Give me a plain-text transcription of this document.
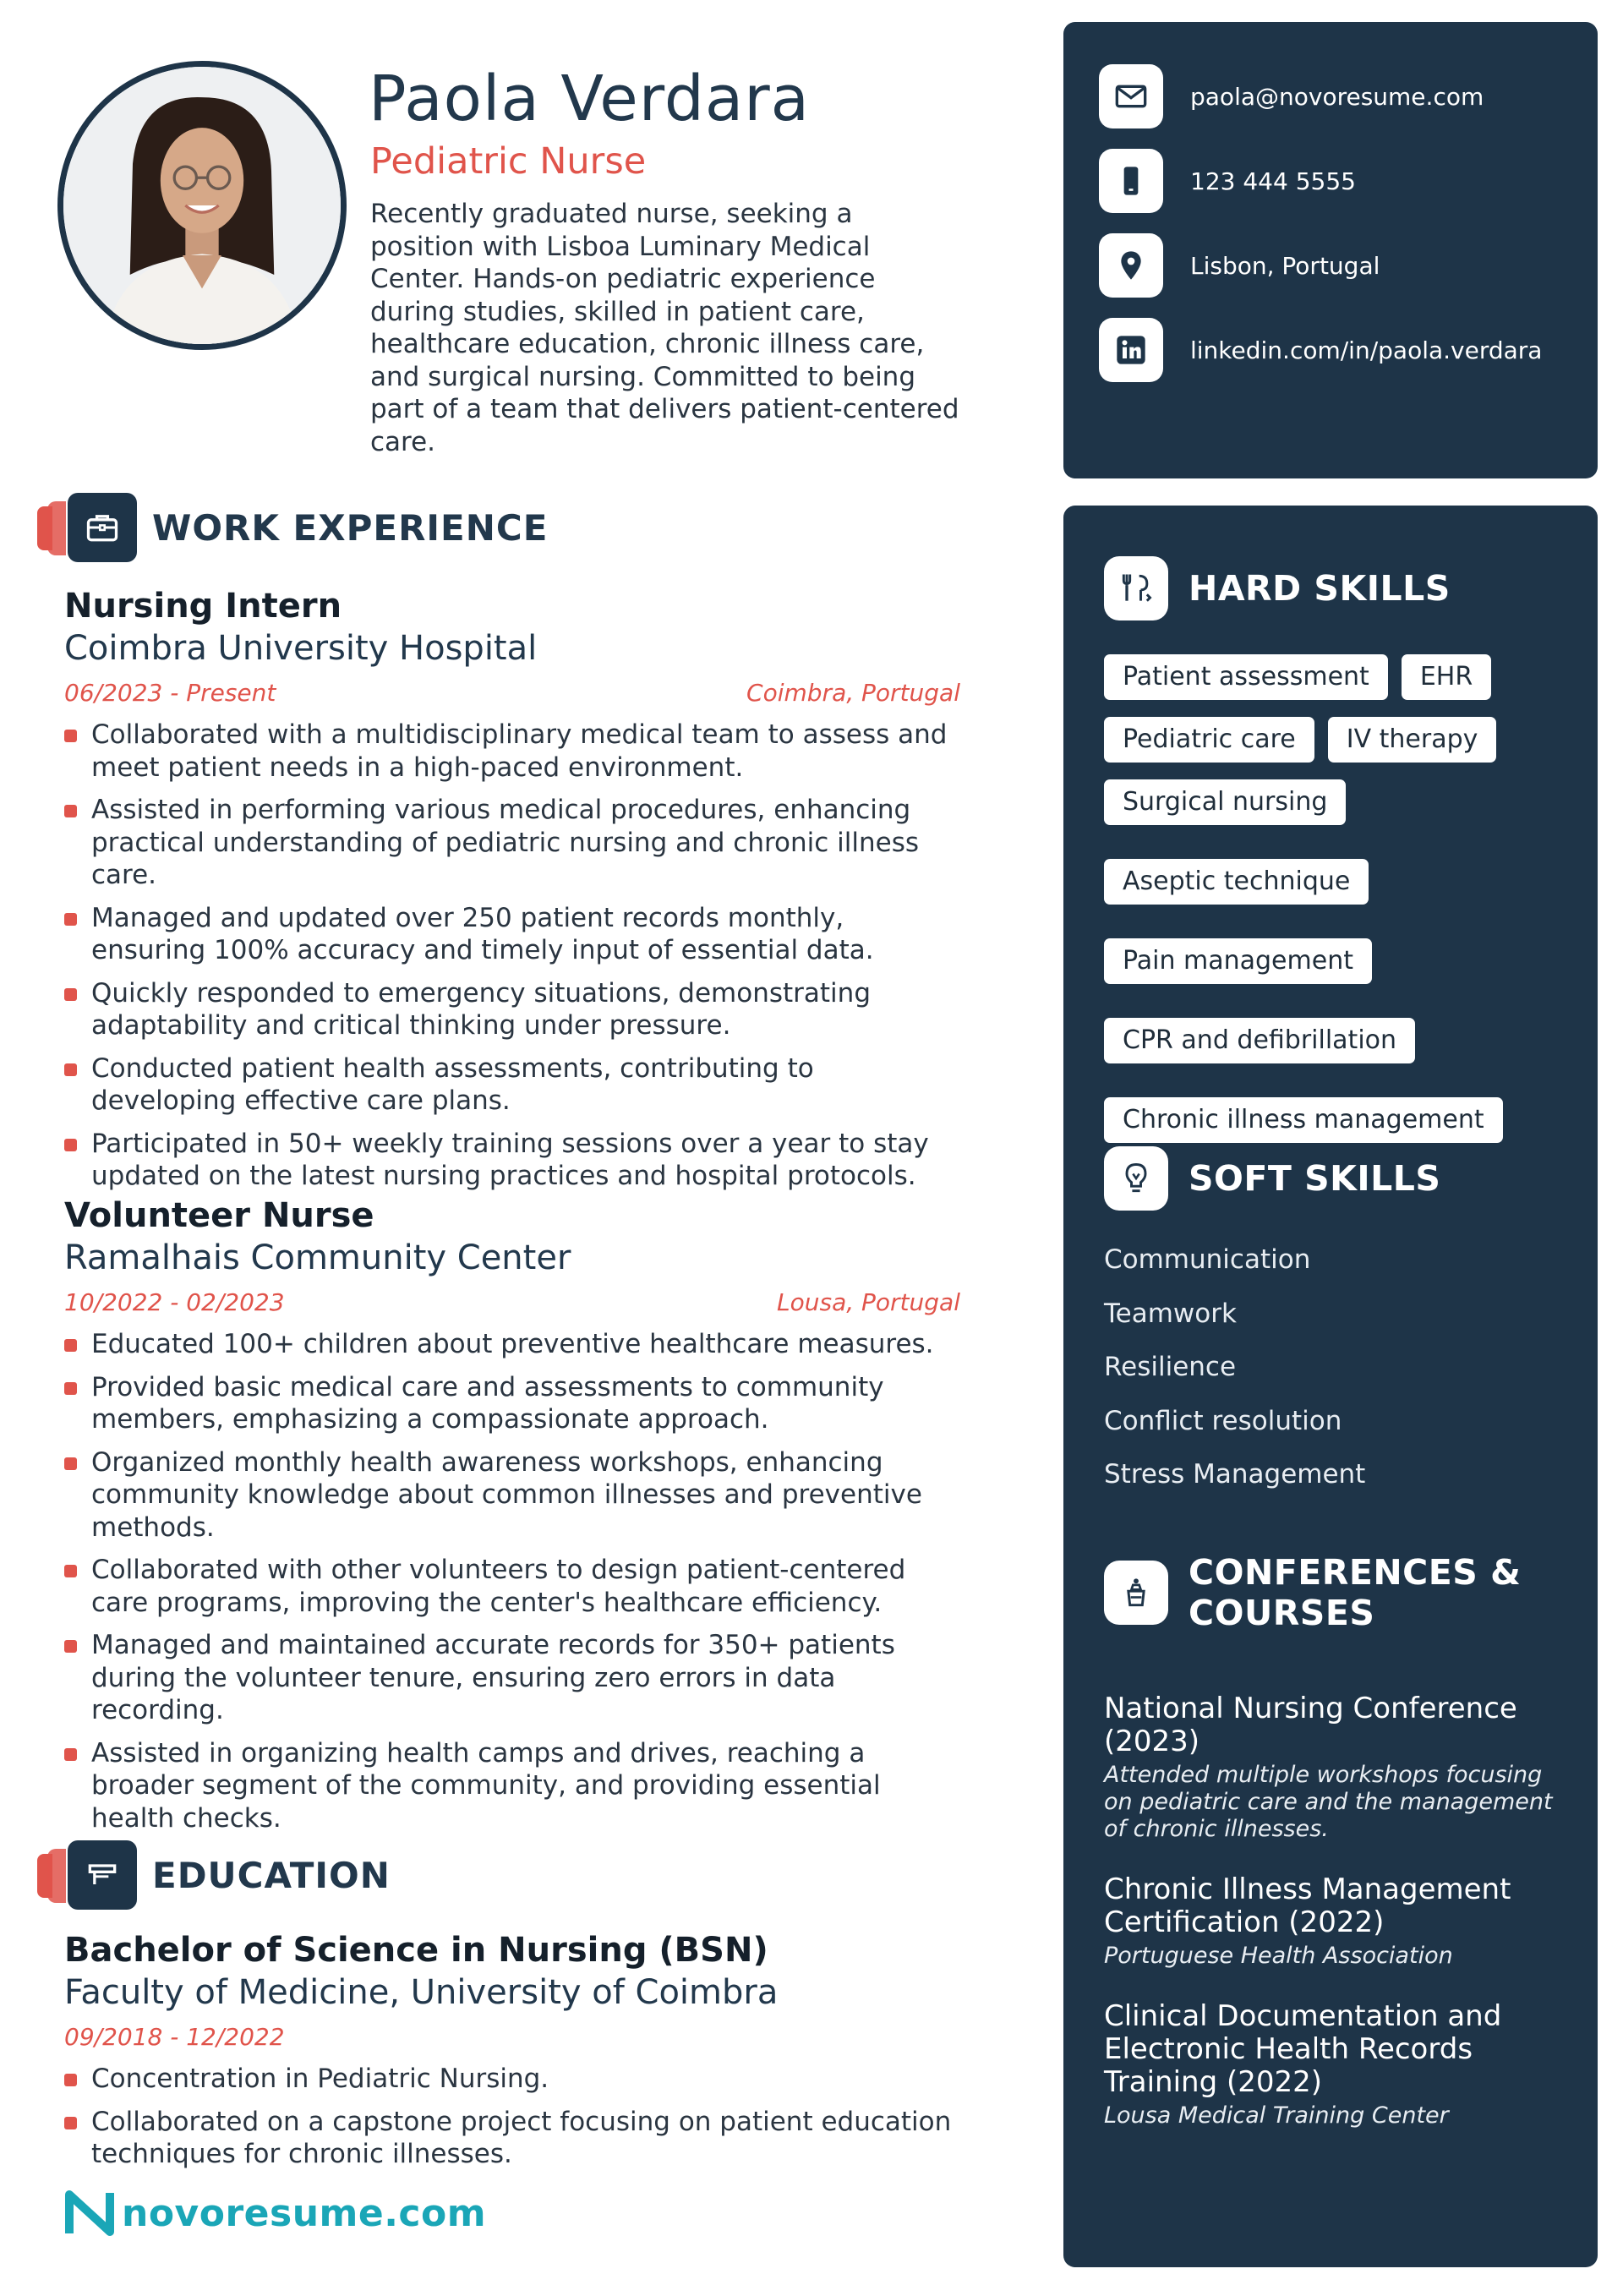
Paola Verdara
Pediatric Nurse
Recently graduated nurse, seeking a position with Lisboa Luminary Medical Center. Hands-on pediatric experience during studies, skilled in patient care, healthcare education, chronic illness care, and surgical nursing. Committed to being part of a team that delivers patient-centered care.
paola@novoresume.com
123 444 5555
Lisbon, Portugal
linkedin.com/in/paola.verdara
WORK EXPERIENCE
Nursing Intern
Coimbra University Hospital
06/2023 - Present	Coimbra, Portugal
Collaborated with a multidisciplinary medical team to assess and meet patient needs in a high-paced environment.
Assisted in performing various medical procedures, enhancing practical understanding of pediatric nursing and chronic illness care.
Managed and updated over 250 patient records monthly, ensuring 100% accuracy and timely input of essential data.
Quickly responded to emergency situations, demonstrating adaptability and critical thinking under pressure.
Conducted patient health assessments, contributing to developing effective care plans.
Participated in 50+ weekly training sessions over a year to stay updated on the latest nursing practices and hospital protocols.
Volunteer Nurse
Ramalhais Community Center
10/2022 - 02/2023	Lousa, Portugal
Educated 100+ children about preventive healthcare measures.
Provided basic medical care and assessments to community members, emphasizing a compassionate approach.
Organized monthly health awareness workshops, enhancing community knowledge about common illnesses and preventive methods.
Collaborated with other volunteers to design patient-centered care programs, improving the center's healthcare efficiency.
Managed and maintained accurate records for 350+ patients during the volunteer tenure, ensuring zero errors in data recording.
Assisted in organizing health camps and drives, reaching a broader segment of the community, and providing essential health checks.
EDUCATION
Bachelor of Science in Nursing (BSN)
Faculty of Medicine, University of Coimbra
09/2018 - 12/2022
Concentration in Pediatric Nursing.
Collaborated on a capstone project focusing on patient education techniques for chronic illnesses.
novoresume.com
HARD SKILLS
Patient assessment	EHR
Pediatric care	IV therapy
Surgical nursing
Aseptic technique
Pain management
CPR and defibrillation
Chronic illness management
SOFT SKILLS
Communication
Teamwork
Resilience
Conflict resolution
Stress Management
CONFERENCES &
COURSES
National Nursing Conference (2023)
Attended multiple workshops focusing on pediatric care and the management of chronic illnesses.
Chronic Illness Management Certification (2022)
Portuguese Health Association
Clinical Documentation and Electronic Health Records Training (2022)
Lousa Medical Training Center
